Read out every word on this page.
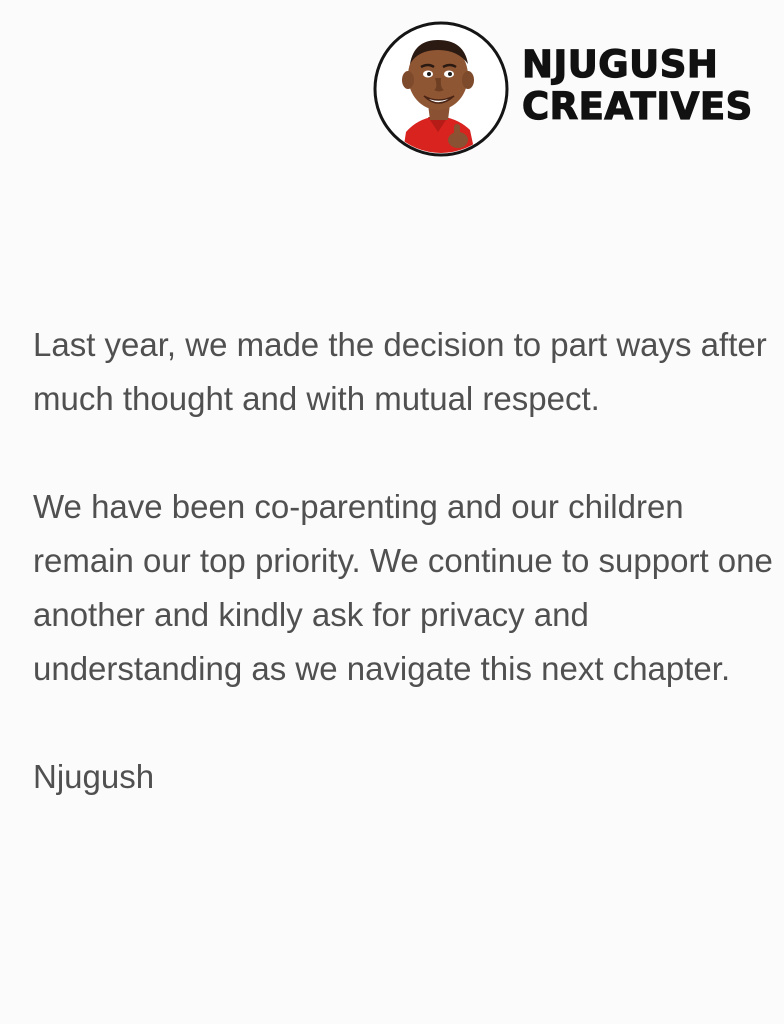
NJUGUSH
CREATIVES

Last year, we made the decision to part ways after much thought and with mutual respect.

We have been co-parenting and our children remain our top priority. We continue to support one another and kindly ask for privacy and understanding as we navigate this next chapter.

Njugush
